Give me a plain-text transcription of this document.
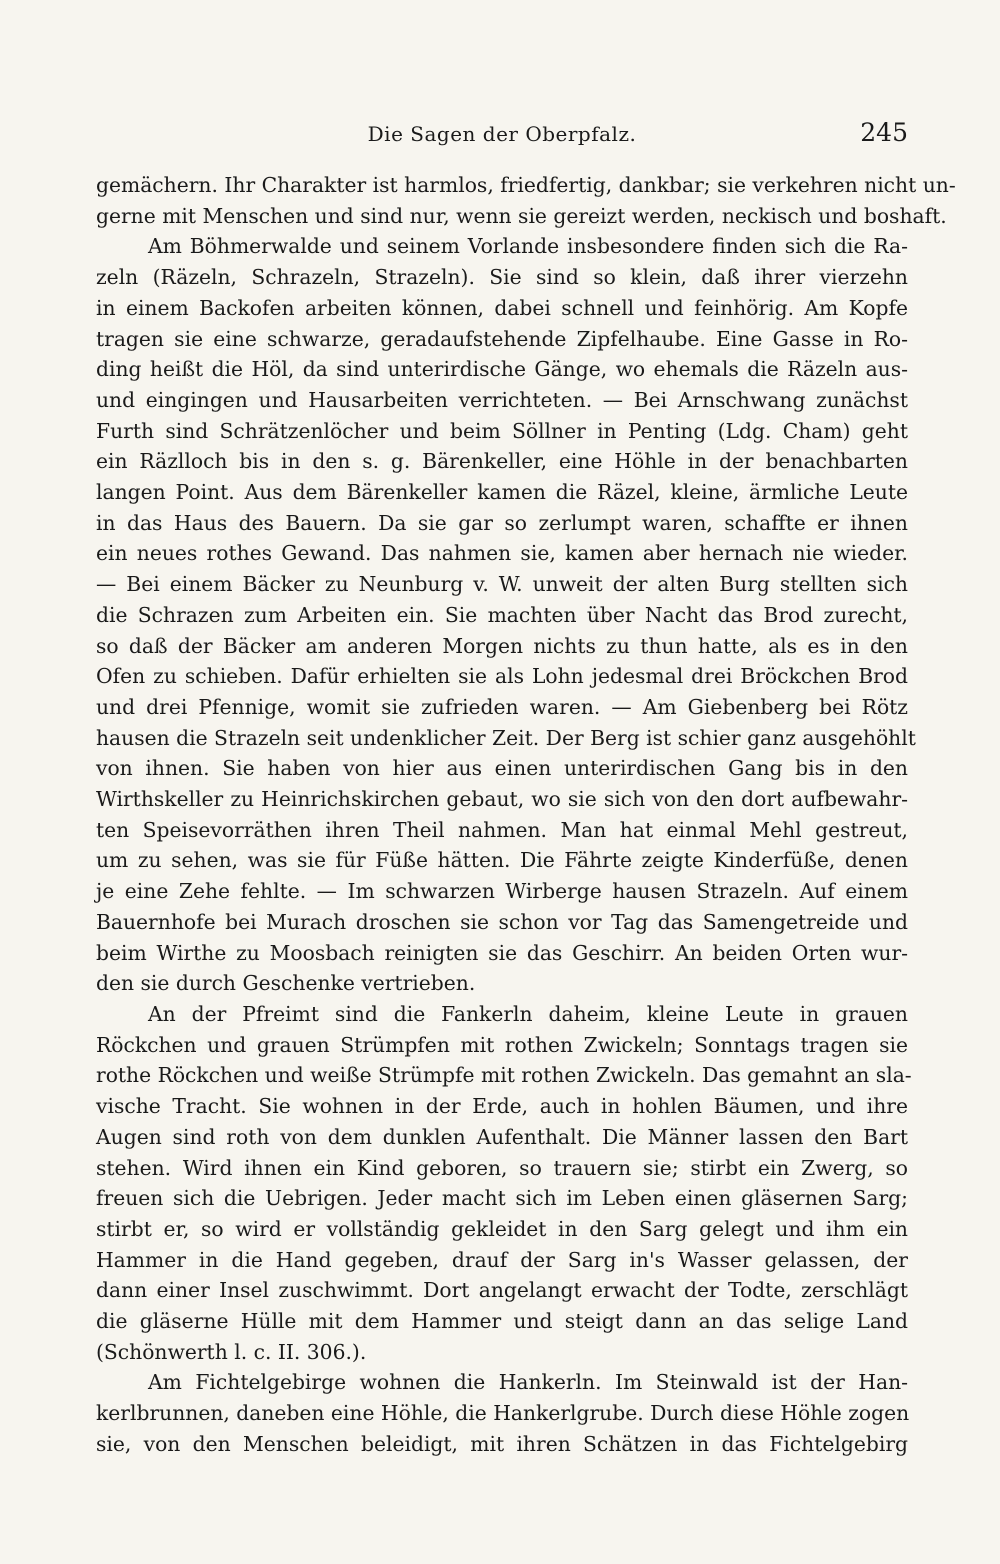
Die Sagen der Oberpfalz.	245

gemächern. Ihr Charakter ist harmlos, friedfertig, dankbar; sie verkehren nicht un-
gerne mit Menschen und sind nur, wenn sie gereizt werden, neckisch und boshaft.

Am Böhmerwalde und seinem Vorlande insbesondere finden sich die Ra-
zeln (Räzeln, Schrazeln, Strazeln). Sie sind so klein, daß ihrer vierzehn
in einem Backofen arbeiten können, dabei schnell und feinhörig. Am Kopfe
tragen sie eine schwarze, geradaufstehende Zipfelhaube. Eine Gasse in Ro-
ding heißt die Höl, da sind unterirdische Gänge, wo ehemals die Räzeln aus-
und eingingen und Hausarbeiten verrichteten. — Bei Arnschwang zunächst
Furth sind Schrätzenlöcher und beim Söllner in Penting (Ldg. Cham) geht
ein Räzlloch bis in den s. g. Bärenkeller, eine Höhle in der benachbarten
langen Point. Aus dem Bärenkeller kamen die Räzel, kleine, ärmliche Leute
in das Haus des Bauern. Da sie gar so zerlumpt waren, schaffte er ihnen
ein neues rothes Gewand. Das nahmen sie, kamen aber hernach nie wieder.
— Bei einem Bäcker zu Neunburg v. W. unweit der alten Burg stellten sich
die Schrazen zum Arbeiten ein. Sie machten über Nacht das Brod zurecht,
so daß der Bäcker am anderen Morgen nichts zu thun hatte, als es in den
Ofen zu schieben. Dafür erhielten sie als Lohn jedesmal drei Bröckchen Brod
und drei Pfennige, womit sie zufrieden waren. — Am Giebenberg bei Rötz
hausen die Strazeln seit undenklicher Zeit. Der Berg ist schier ganz ausgehöhlt
von ihnen. Sie haben von hier aus einen unterirdischen Gang bis in den
Wirthskeller zu Heinrichskirchen gebaut, wo sie sich von den dort aufbewahr-
ten Speisevorräthen ihren Theil nahmen. Man hat einmal Mehl gestreut,
um zu sehen, was sie für Füße hätten. Die Fährte zeigte Kinderfüße, denen
je eine Zehe fehlte. — Im schwarzen Wirberge hausen Strazeln. Auf einem
Bauernhofe bei Murach droschen sie schon vor Tag das Samengetreide und
beim Wirthe zu Moosbach reinigten sie das Geschirr. An beiden Orten wur-
den sie durch Geschenke vertrieben.

An der Pfreimt sind die Fankerln daheim, kleine Leute in grauen
Röckchen und grauen Strümpfen mit rothen Zwickeln; Sonntags tragen sie
rothe Röckchen und weiße Strümpfe mit rothen Zwickeln. Das gemahnt an sla-
vische Tracht. Sie wohnen in der Erde, auch in hohlen Bäumen, und ihre
Augen sind roth von dem dunklen Aufenthalt. Die Männer lassen den Bart
stehen. Wird ihnen ein Kind geboren, so trauern sie; stirbt ein Zwerg, so
freuen sich die Uebrigen. Jeder macht sich im Leben einen gläsernen Sarg;
stirbt er, so wird er vollständig gekleidet in den Sarg gelegt und ihm ein
Hammer in die Hand gegeben, drauf der Sarg in's Wasser gelassen, der
dann einer Insel zuschwimmt. Dort angelangt erwacht der Todte, zerschlägt
die gläserne Hülle mit dem Hammer und steigt dann an das selige Land
(Schönwerth l. c. II. 306.).

Am Fichtelgebirge wohnen die Hankerln. Im Steinwald ist der Han-
kerlbrunnen, daneben eine Höhle, die Hankerlgrube. Durch diese Höhle zogen
sie, von den Menschen beleidigt, mit ihren Schätzen in das Fichtelgebirg
